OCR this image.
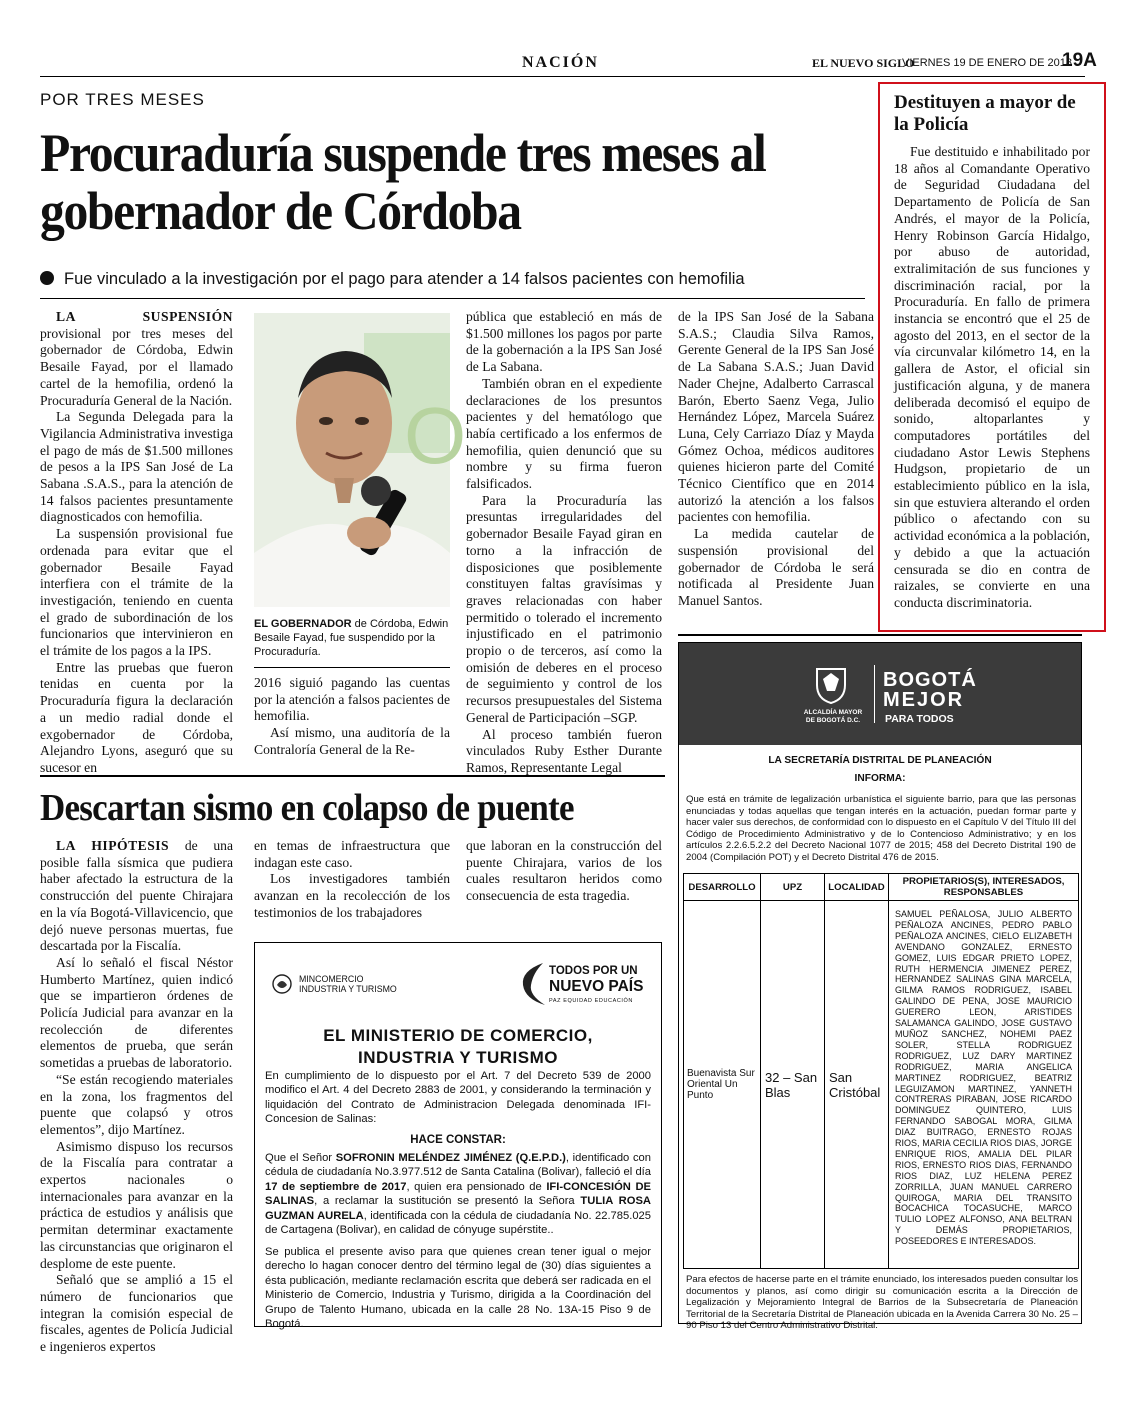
NACIÓN	EL NUEVO SIGLO
VIERNES 19 DE ENERO DE 2018
19A
POR TRES MESES
Procuraduría suspende tres meses al gobernador de Córdoba
Fue vinculado a la investigación por el pago para atender a 14 falsos pacientes con hemofilia

LA SUSPENSIÓN provisional por tres meses del gobernador de Córdoba, Edwin Besaile Fayad, por el llamado cartel de la hemofilia, ordenó la Procuraduría General de la Nación.

La Segunda Delegada para la Vigilancia Administrativa investiga el pago de más de $1.500 millones de pesos a la IPS San José de La Sabana .S.A.S., para la atención de 14 falsos pacientes presuntamente diagnosticados con hemofilia.

La suspensión provisional fue ordenada para evitar que el gobernador Besaile Fayad interfiera con el trámite de la investigación, teniendo en cuenta el grado de subordinación de los funcionarios que intervinieron en el trámite de los pagos a la IPS.

Entre las pruebas que fueron tenidas en cuenta por la Procuraduría figura la declaración a un medio radial donde el exgobernador de Córdoba, Alejandro Lyons, aseguró que su sucesor en

O
EL GOBERNADOR de Córdoba, Edwin Besaile Fayad, fue suspendido por la Procuraduría.

2016 siguió pagando las cuentas por la atención a falsos pacientes de hemofilia.

Así mismo, una auditoría de la Contraloría General de la Re-

pública que estableció en más de $1.500 millones los pagos por parte de la gobernación a la IPS San José de La Sabana.

También obran en el expediente declaraciones de los presuntos pacientes y del hematólogo que había certificado a los enfermos de hemofilia, quien denunció que su nombre y su firma fueron falsificados.

Para la Procuraduría las presuntas irregularidades del gobernador Besaile Fayad giran en torno a la infracción de disposiciones que posiblemente constituyen faltas gravísimas y graves relacionadas con haber permitido o tolerado el incremento injustificado en el patrimonio propio o de terceros, así como la omisión de deberes en el proceso de seguimiento y control de los recursos presupuestales del Sistema General de Participación –SGP.

Al proceso también fueron vinculados Ruby Esther Durante Ramos, Representante Legal

de la IPS San José de la Sabana S.A.S.; Claudia Silva Ramos, Gerente General de la IPS San José de La Sabana S.A.S.; Juan David Nader Chejne, Adalberto Carrascal Barón, Eberto Saenz Vega, Julio Hernández López, Marcela Suárez Luna, Cely Carriazo Díaz y Mayda Gómez Ochoa, médicos auditores quienes hicieron parte del Comité Técnico Científico que en 2014 autorizó la atención a los falsos pacientes con hemofilia.

La medida cautelar de suspensión provisional del gobernador de Córdoba le será notificada al Presidente Juan Manuel Santos.

Destituyen a mayor de la Policía

Fue destituido e inhabilitado por 18 años al Comandante Operativo de Seguridad Ciudadana del Departamento de Policía de San Andrés, el mayor de la Policía, Henry Robinson García Hidalgo, por abuso de autoridad, extralimitación de sus funciones y discriminación racial, por la Procuraduría. En fallo de primera instancia se encontró que el 25 de agosto del 2013, en el sector de la vía circunvalar kilómetro 14, en la gallera de Astor, el oficial sin justificación alguna, y de manera deliberada decomisó el equipo de sonido, altoparlantes y computadores portátiles del ciudadano Astor Lewis Stephens Hudgson, propietario de un establecimiento público en la isla, sin que estuviera alterando el orden público o afectando con su actividad económica a la población, y debido a que la actuación censurada se dio en contra de raizales, se convierte en una conducta discriminatoria.

Descartan sismo en colapso de puente

LA HIPÓTESIS de una posible falla sísmica que pudiera haber afectado la estructura de la construcción del puente Chirajara en la vía Bogotá-Villavicencio, que dejó nueve personas muertas, fue descartada por la Fiscalía.

Así lo señaló el fiscal Néstor Humberto Martínez, quien indicó que se impartieron órdenes de Policía Judicial para avanzar en la recolección de diferentes elementos de prueba, que serán sometidas a pruebas de laboratorio.

“Se están recogiendo materiales en la zona, los fragmentos del puente que colapsó y otros elementos”, dijo Martínez.

Asimismo dispuso los recursos de la Fiscalía para contratar a expertos nacionales o internacionales para avanzar en la práctica de estudios y análisis que permitan determinar exactamente las circunstancias que originaron el desplome de este puente.

Señaló que se amplió a 15 el número de funcionarios que integran la comisión especial de fiscales, agentes de Policía Judicial e ingenieros expertos

en temas de infraestructura que indagan este caso.

Los investigadores también avanzan en la recolección de los testimonios de los trabajadores

que laboran en la construcción del puente Chirajara, varios de los cuales resultaron heridos como consecuencia de esta tragedia.

MINCOMERCIO
INDUSTRIA Y TURISMO
TODOS POR UN
NUEVO PAÍS
PAZ EQUIDAD EDUCACIÓN
EL MINISTERIO DE COMERCIO,
INDUSTRIA Y TURISMO
En cumplimiento de lo dispuesto por el Art. 7 del Decreto 539 de 2000 modifico el Art. 4 del Decreto 2883 de 2001, y considerando la terminación y liquidación del Contrato de Administracion Delegada denominada IFI-Concesion de Salinas:
HACE CONSTAR:
Que el Señor SOFRONIN MELÉNDEZ JIMÉNEZ (Q.E.P.D.), identificado con cédula de ciudadanía No.3.977.512 de Santa Catalina (Bolivar), falleció el día 17 de septiembre de 2017, quien era pensionado de IFI-CONCESIÓN DE SALINAS, a reclamar la sustitución se presentó la Señora TULIA ROSA GUZMAN AURELA, identificada con la cédula de ciudadanía No. 22.785.025 de Cartagena (Bolivar), en calidad de cónyuge supérstite..
Se publica el presente aviso para que quienes crean tener igual o mejor derecho lo hagan conocer dentro del término legal de (30) días siguientes a ésta publicación, mediante reclamación escrita que deberá ser radicada en el Ministerio de Comercio, Industria y Turismo, dirigida a la Coordinación del Grupo de Talento Humano, ubicada en la calle 28 No. 13A-15 Piso 9 de Bogotá.
ALCALDÍA MAYOR
DE BOGOTÁ D.C.
BOGOTÁ
MEJOR
PARA TODOS
LA SECRETARÍA DISTRITAL DE PLANEACIÓN
INFORMA:
Que está en trámite de legalización urbanística el siguiente barrio, para que las personas enunciadas y todas aquellas que tengan interés en la actuación, puedan formar parte y hacer valer sus derechos, de conformidad con lo dispuesto en el Capítulo V del Título III del Código de Procedimiento Administrativo y de lo Contencioso Administrativo; y en los artículos 2.2.6.5.2.2 del Decreto Nacional 1077 de 2015; 458 del Decreto Distrital 190 de 2004 (Compilación POT) y el Decreto Distrital 476 de 2015.
DESARROLLO	UPZ	LOCALIDAD	PROPIETARIOS(S), INTERESADOS, RESPONSABLES
Buenavista Sur Oriental Un Punto	32 – San Blas	San Cristóbal	SAMUEL PEÑALOSA, JULIO ALBERTO PEÑALOZA ANCINES, PEDRO PABLO PEÑALOZA ANCINES, CIELO ELIZABETH AVENDANO GONZALEZ, ERNESTO GOMEZ, LUIS EDGAR PRIETO LOPEZ, RUTH HERMENCIA JIMENEZ PEREZ, HERNANDEZ SALINAS GINA MARCELA, GILMA RAMOS RODRIGUEZ, ISABEL GALINDO DE PENA, JOSE MAURICIO GUERERO LEON, ARISTIDES SALAMANCA GALINDO, JOSE GUSTAVO MUÑOZ SANCHEZ, NOHEMI PAEZ SOLER, STELLA RODRIGUEZ RODRIGUEZ, LUZ DARY MARTINEZ RODRIGUEZ, MARIA ANGELICA MARTINEZ RODRIGUEZ, BEATRIZ LEGUIZAMON MARTINEZ, YANNETH CONTRERAS PIRABAN, JOSE RICARDO DOMINGUEZ QUINTERO, LUIS FERNANDO SABOGAL MORA, GILMA DIAZ BUITRAGO, ERNESTO ROJAS RIOS, MARIA CECILIA RIOS DIAS, JORGE ENRIQUE RIOS, AMALIA DEL PILAR RIOS, ERNESTO RIOS DIAS, FERNANDO RIOS DIAZ, LUZ HELENA PEREZ ZORRILLA, JUAN MANUEL CARRERO QUIROGA, MARIA DEL TRANSITO BOCACHICA TOCASUCHE, MARCO TULIO LOPEZ ALFONSO, ANA BELTRAN Y DEMÁS PROPIETARIOS, POSEEDORES E INTERESADOS.
Para efectos de hacerse parte en el trámite enunciado, los interesados pueden consultar los documentos y planos, así como dirigir su comunicación escrita a la Dirección de Legalización y Mejoramiento Integral de Barrios de la Subsecretaría de Planeación Territorial de la Secretaría Distrital de Planeación ubicada en la Avenida Carrera 30 No. 25 – 90 Piso 13 del Centro Administrativo Distrital.
